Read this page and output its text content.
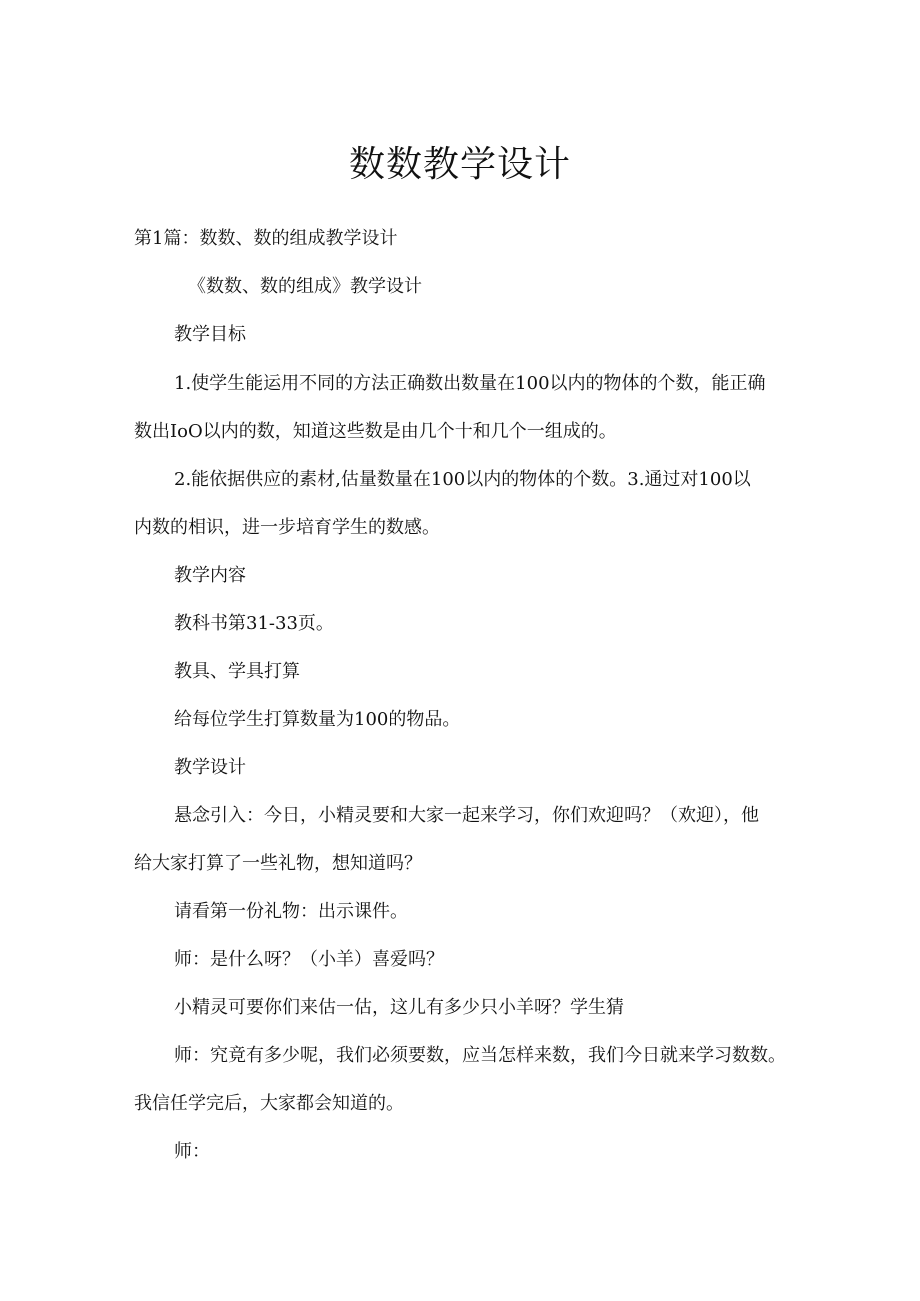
数数教学设计

第1篇：数数、数的组成教学设计

《数数、数的组成》教学设计

教学目标

1.使学生能运用不同的方法正确数出数量在100以内的物体的个数，能正确

数出IoO以内的数，知道这些数是由几个十和几个一组成的。

2.能依据供应的素材,估量数量在100以内的物体的个数。3.通过对100以

内数的相识，进一步培育学生的数感。

教学内容

教科书第31-33页。

教具、学具打算

给每位学生打算数量为100的物品。

教学设计

悬念引入：今日，小精灵要和大家一起来学习，你们欢迎吗？（欢迎），他

给大家打算了一些礼物，想知道吗？

请看第一份礼物：出示课件。

师：是什么呀？（小羊）喜爱吗？

小精灵可要你们来估一估，这儿有多少只小羊呀？学生猜

师：究竟有多少呢，我们必须要数，应当怎样来数，我们今日就来学习数数。

我信任学完后，大家都会知道的。

师：
